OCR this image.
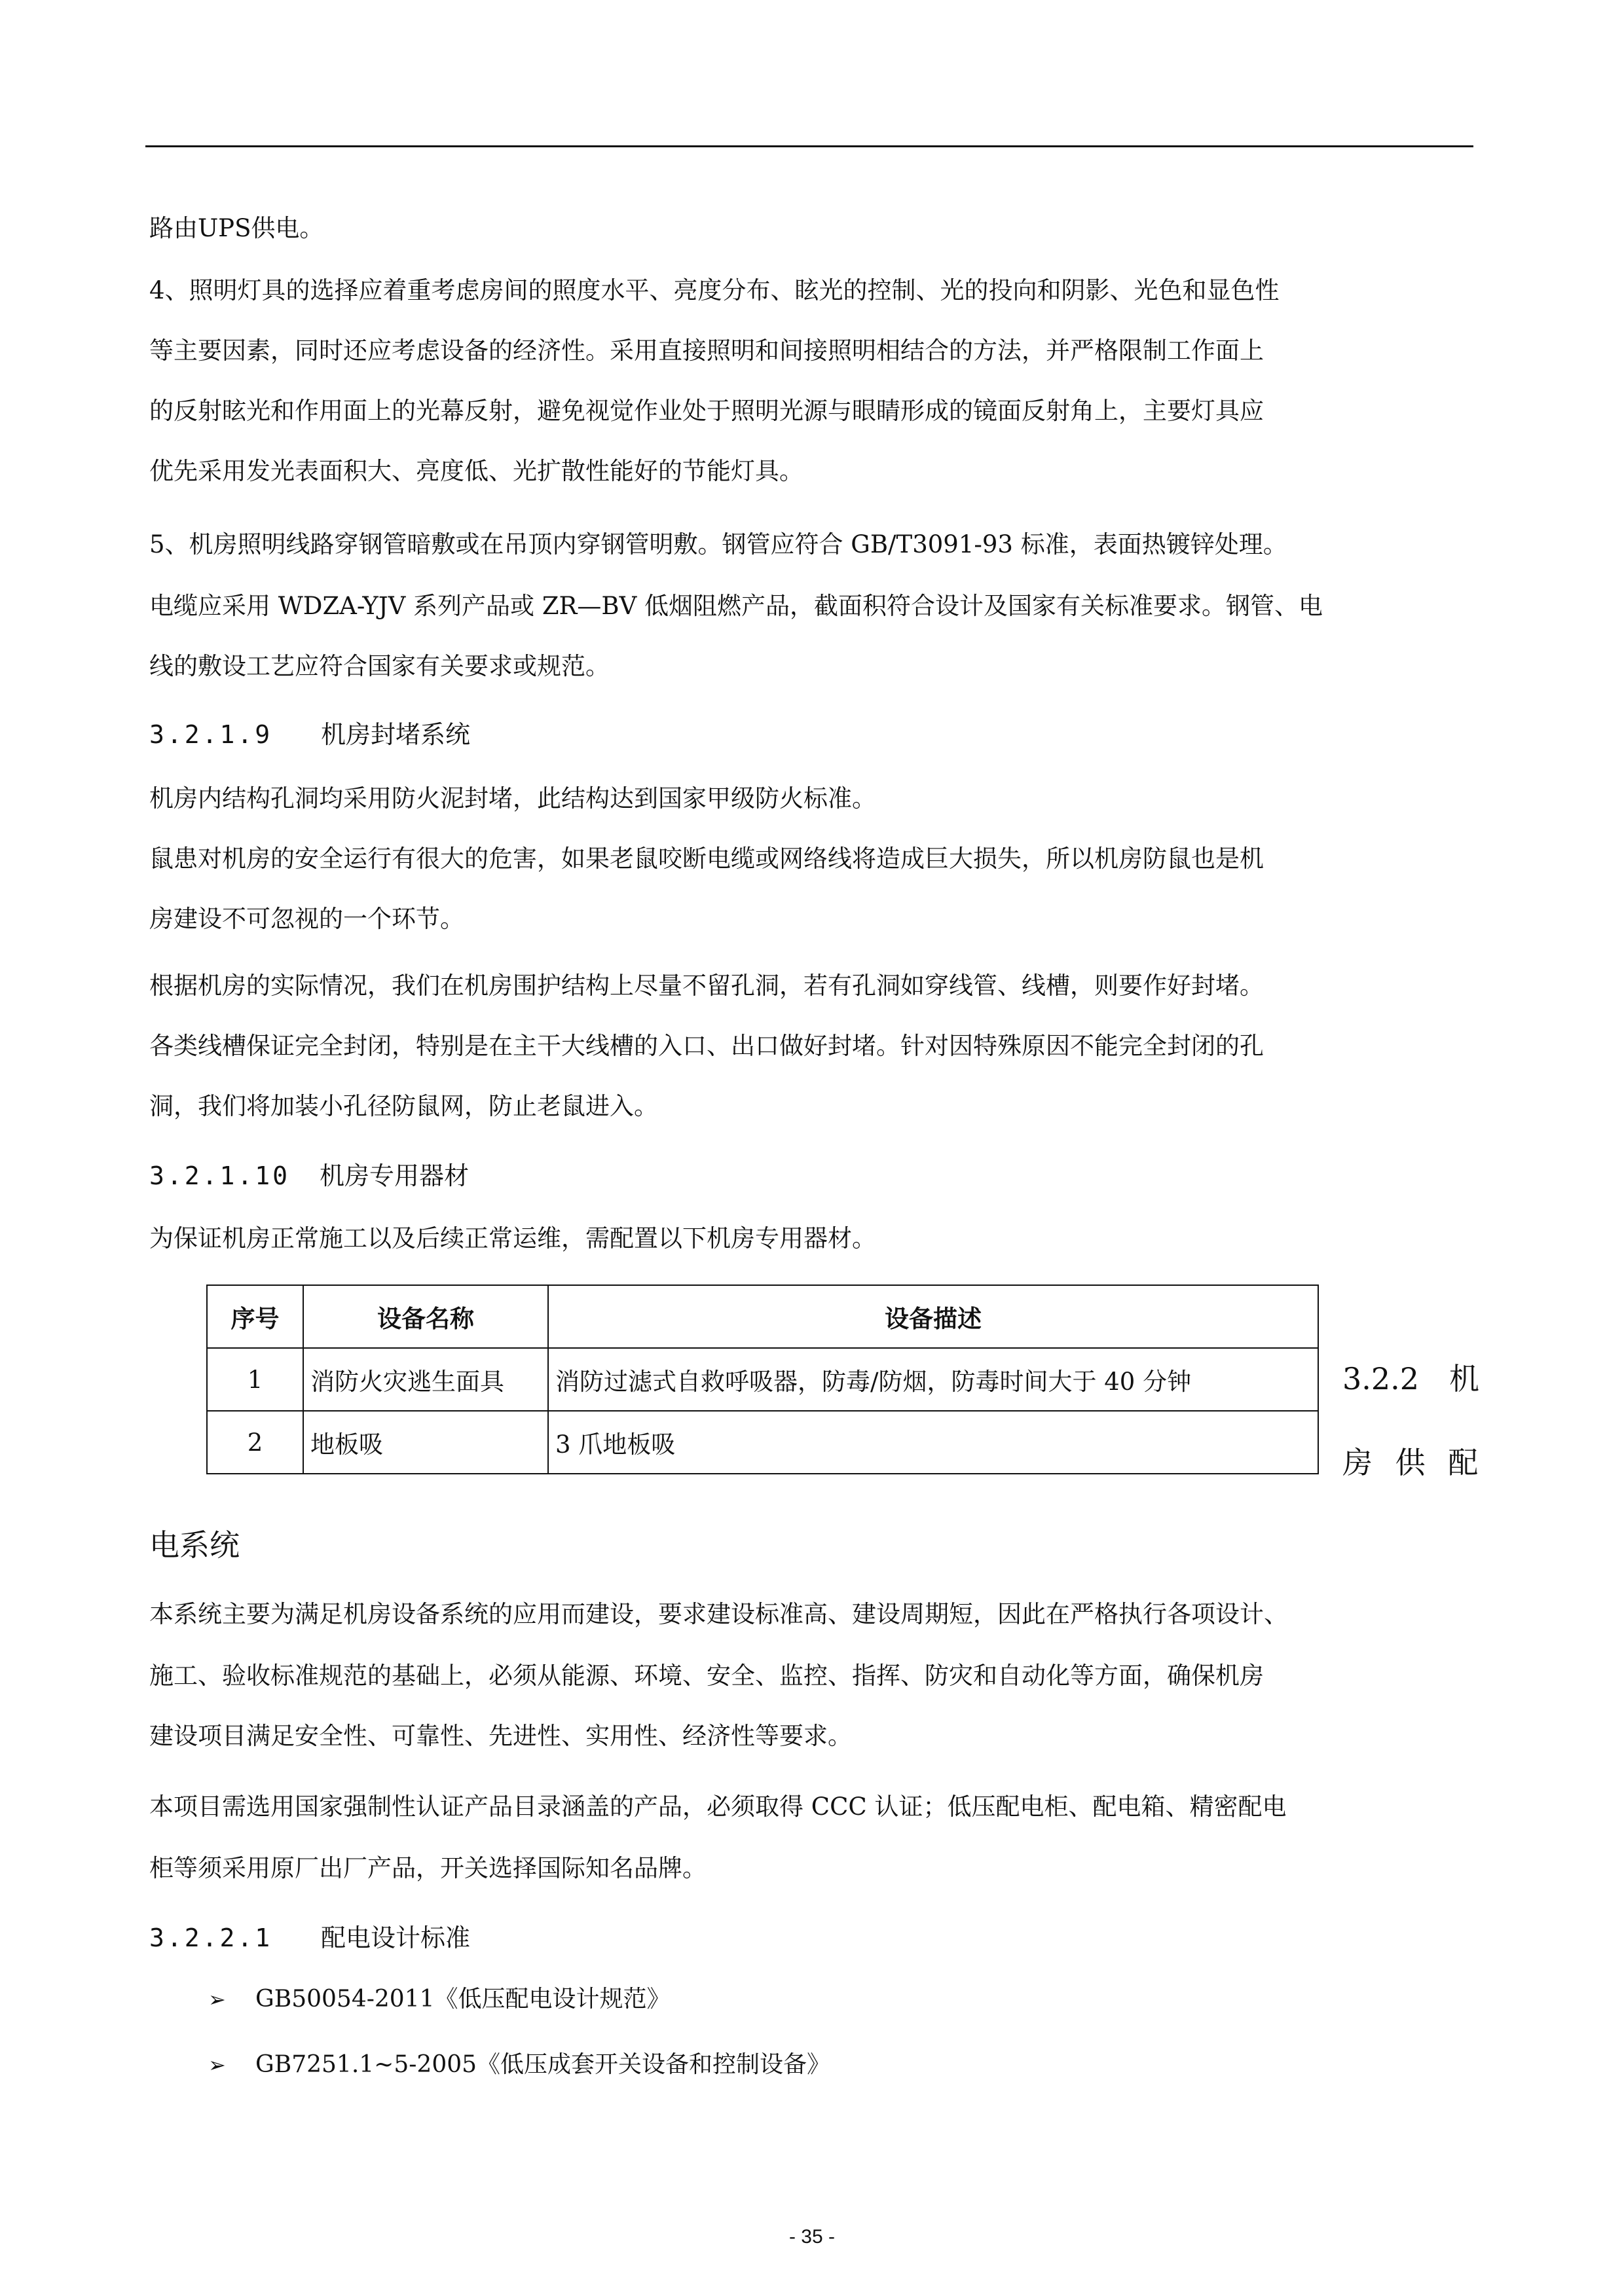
路由UPS供电。
4、照明灯具的选择应着重考虑房间的照度水平、亮度分布、眩光的控制、光的投向和阴影、光色和显色性
等主要因素，同时还应考虑设备的经济性。采用直接照明和间接照明相结合的方法，并严格限制工作面上
的反射眩光和作用面上的光幕反射，避免视觉作业处于照明光源与眼睛形成的镜面反射角上，主要灯具应
优先采用发光表面积大、亮度低、光扩散性能好的节能灯具。
5、机房照明线路穿钢管暗敷或在吊顶内穿钢管明敷。钢管应符合 GB/T3091-93 标准，表面热镀锌处理。
电缆应采用 WDZA-YJV 系列产品或 ZR—BV 低烟阻燃产品，截面积符合设计及国家有关标准要求。钢管、电
线的敷设工艺应符合国家有关要求或规范。
3.2.1.9 机房封堵系统
机房内结构孔洞均采用防火泥封堵，此结构达到国家甲级防火标准。
鼠患对机房的安全运行有很大的危害，如果老鼠咬断电缆或网络线将造成巨大损失，所以机房防鼠也是机
房建设不可忽视的一个环节。
根据机房的实际情况，我们在机房围护结构上尽量不留孔洞，若有孔洞如穿线管、线槽，则要作好封堵。
各类线槽保证完全封闭，特别是在主干大线槽的入口、出口做好封堵。针对因特殊原因不能完全封闭的孔
洞，我们将加装小孔径防鼠网，防止老鼠进入。
3.2.1.10 机房专用器材
为保证机房正常施工以及后续正常运维，需配置以下机房专用器材。
序号	设备名称	设备描述
1	消防火灾逃生面具	消防过滤式自救呼吸器，防毒/防烟，防毒时间大于 40 分钟
2	地板吸	3 爪地板吸
3.2.2　机
房 供 配
电系统
本系统主要为满足机房设备系统的应用而建设，要求建设标准高、建设周期短，因此在严格执行各项设计、
施工、验收标准规范的基础上，必须从能源、环境、安全、监控、指挥、防灾和自动化等方面，确保机房
建设项目满足安全性、可靠性、先进性、实用性、经济性等要求。
本项目需选用国家强制性认证产品目录涵盖的产品，必须取得 CCC 认证；低压配电柜、配电箱、精密配电
柜等须采用原厂出厂产品，开关选择国际知名品牌。
3.2.2.1 配电设计标准
➢ GB50054-2011《低压配电设计规范》
➢ GB7251.1~5-2005《低压成套开关设备和控制设备》
- 35 -
